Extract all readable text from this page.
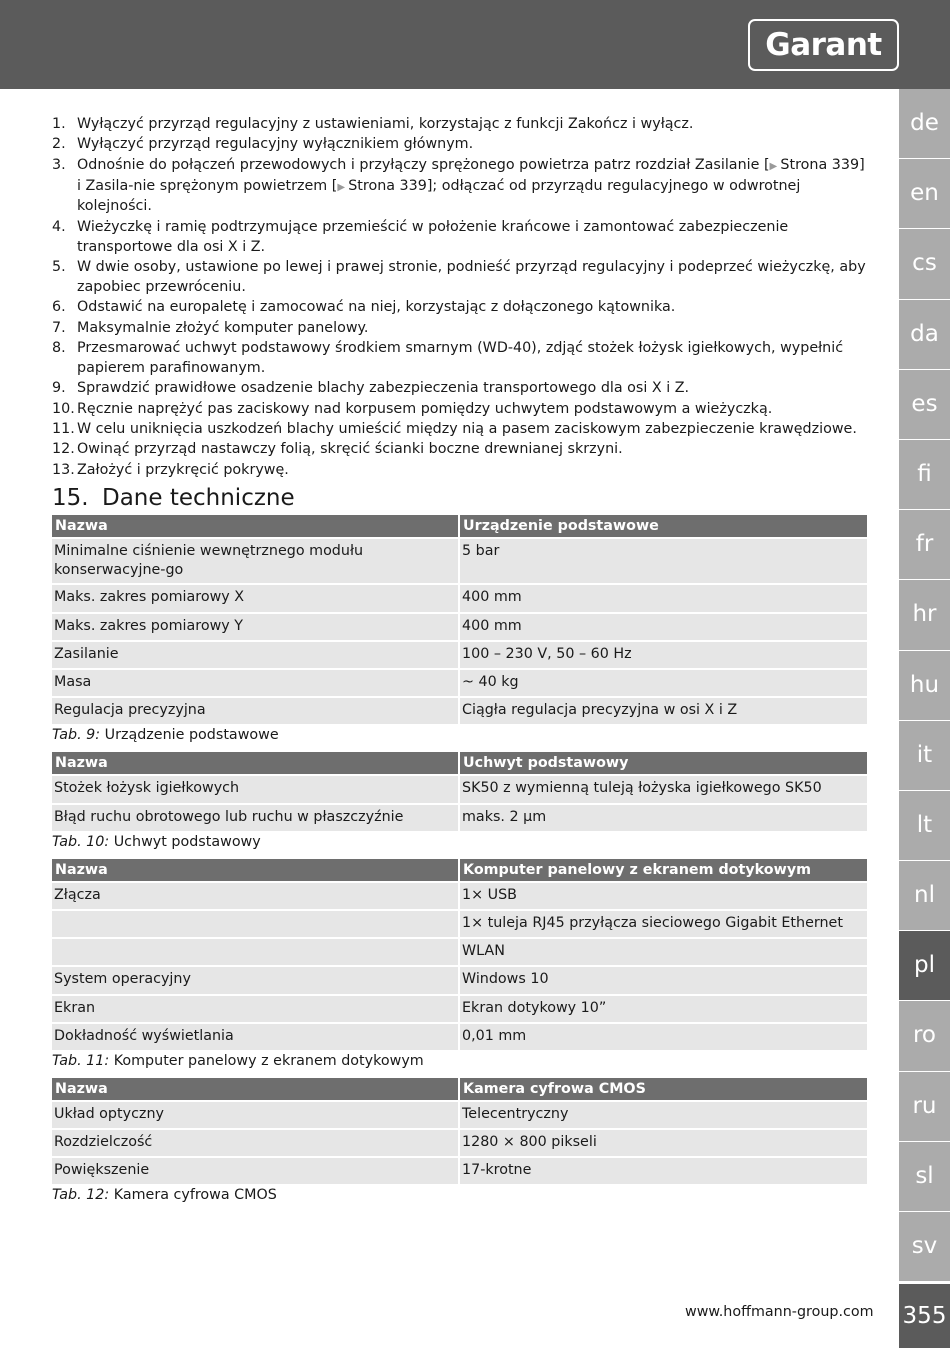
Garant
de
en
cs
da
es
fi
fr
hr
hu
it
lt
nl
pl
ro
ru
sl
sv
355
1. Wyłączyć przyrząd regulacyjny z ustawieniami, korzystając z funkcji Zakończ i wyłącz.
2. Wyłączyć przyrząd regulacyjny wyłącznikiem głównym.
3. Odnośnie do połączeń przewodowych i przyłączy sprężonego powietrza patrz rozdział Zasilanie [▶ Strona 339] i Zasila-nie sprężonym powietrzem [▶ Strona 339]; odłączać od przyrządu regulacyjnego w odwrotnej kolejności.
4. Wieżyczkę i ramię podtrzymujące przemieścić w położenie krańcowe i zamontować zabezpieczenie transportowe dla osi X i Z.
5. W dwie osoby, ustawione po lewej i prawej stronie, podnieść przyrząd regulacyjny i podeprzeć wieżyczkę, aby zapobiec przewróceniu.
6. Odstawić na europaletę i zamocować na niej, korzystając z dołączonego kątownika.
7. Maksymalnie złożyć komputer panelowy.
8. Przesmarować uchwyt podstawowy środkiem smarnym (WD-40), zdjąć stożek łożysk igiełkowych, wypełnić papierem parafinowanym.
9. Sprawdzić prawidłowe osadzenie blachy zabezpieczenia transportowego dla osi X i Z.
10. Ręcznie naprężyć pas zaciskowy nad korpusem pomiędzy uchwytem podstawowym a wieżyczką.
11. W celu uniknięcia uszkodzeń blachy umieścić między nią a pasem zaciskowym zabezpieczenie krawędziowe.
12. Owinąć przyrząd nastawczy folią, skręcić ścianki boczne drewnianej skrzyni.
13. Założyć i przykręcić pokrywę.
15. Dane techniczne
Nazwa	Urządzenie podstawowe
Minimalne ciśnienie wewnętrznego modułu konserwacyjne-go	5 bar
Maks. zakres pomiarowy X	400 mm
Maks. zakres pomiarowy Y	400 mm
Zasilanie	100 – 230 V, 50 – 60 Hz
Masa	~ 40 kg
Regulacja precyzyjna	Ciągła regulacja precyzyjna w osi X i Z
Tab. 9: Urządzenie podstawowe
Nazwa	Uchwyt podstawowy
Stożek łożysk igiełkowych	SK50 z wymienną tuleją łożyska igiełkowego SK50
Błąd ruchu obrotowego lub ruchu w płaszczyźnie	maks. 2 µm
Tab. 10: Uchwyt podstawowy
Nazwa	Komputer panelowy z ekranem dotykowym
Złącza	1× USB
	1× tuleja RJ45 przyłącza sieciowego Gigabit Ethernet
	WLAN
System operacyjny	Windows 10
Ekran	Ekran dotykowy 10”
Dokładność wyświetlania	0,01 mm
Tab. 11: Komputer panelowy z ekranem dotykowym
Nazwa	Kamera cyfrowa CMOS
Układ optyczny	Telecentryczny
Rozdzielczość	1280 × 800 pikseli
Powiększenie	17-krotne
Tab. 12: Kamera cyfrowa CMOS
www.hoffmann-group.com
